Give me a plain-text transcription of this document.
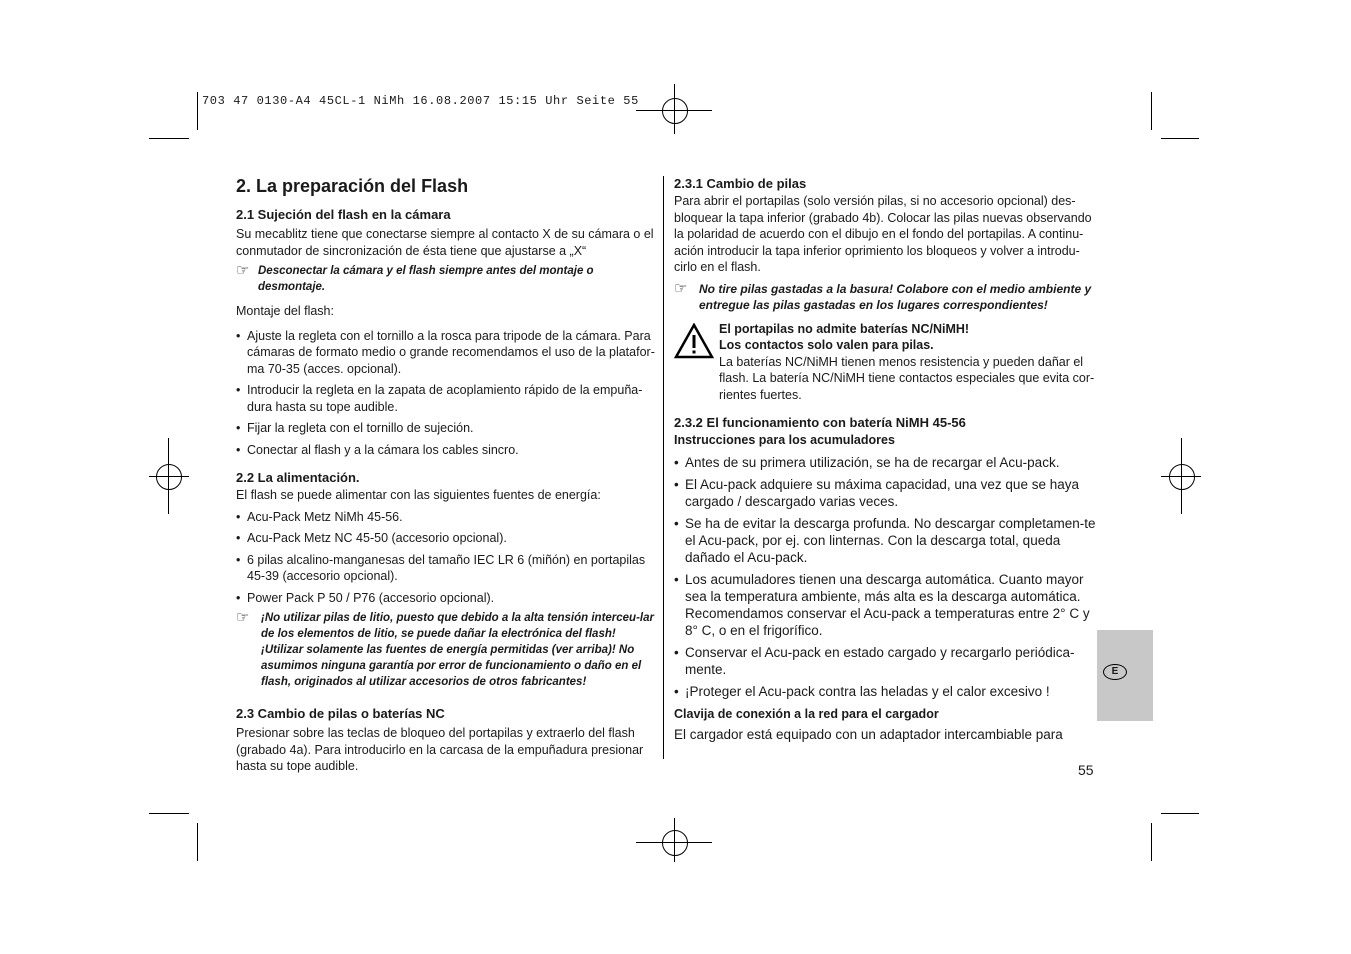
703 47 0130-A4 45CL-1 NiMh 16.08.2007 15:15 Uhr Seite 55
2. La preparación del Flash
2.1 Sujeción del flash en la cámara

Su mecablitz tiene que conectarse siempre al contacto X de su cámara o el conmutador de sincronización de ésta tiene que ajustarse a „X“

☞ Desconectar la cámara y el flash siempre antes del montaje o desmontaje.

Montaje del flash:

• Ajuste la regleta con el tornillo a la rosca para tripode de la cámara. Para cámaras de formato medio o grande recomendamos el uso de la platafor-ma 70-35 (acces. opcional).
• Introducir la regleta en la zapata de acoplamiento rápido de la empuña-dura hasta su tope audible.
• Fijar la regleta con el tornillo de sujeción.
• Conectar al flash y a la cámara los cables sincro.
2.2 La alimentación.

El flash se puede alimentar con las siguientes fuentes de energía:

• Acu-Pack Metz NiMh 45-56.
• Acu-Pack Metz NC 45-50 (accesorio opcional).
• 6 pilas alcalino-manganesas del tamaño IEC LR 6 (miñón) en portapilas 45-39 (accesorio opcional).
• Power Pack P 50 / P76 (accesorio opcional).
☞ ¡No utilizar pilas de litio, puesto que debido a la alta tensión interceu-lar de los elementos de litio, se puede dañar la electrónica del flash! ¡Utilizar solamente las fuentes de energía permitidas (ver arriba)! No asumimos ninguna garantía por error de funcionamiento o daño en el flash, originados al utilizar accesorios de otros fabricantes!
2.3 Cambio de pilas o baterías NC

Presionar sobre las teclas de bloqueo del portapilas y extraerlo del flash (grabado 4a). Para introducirlo en la carcasa de la empuñadura presionar hasta su tope audible.

2.3.1 Cambio de pilas

Para abrir el portapilas (solo versión pilas, si no accesorio opcional) des-bloquear la tapa inferior (grabado 4b). Colocar las pilas nuevas observando la polaridad de acuerdo con el dibujo en el fondo del portapilas. A continu-ación introducir la tapa inferior oprimiento los bloqueos y volver a introdu-cirlo en el flash.

☞ No tire pilas gastadas a la basura! Colabore con el medio ambiente y entregue las pilas gastadas en los lugares correspondientes!

El portapilas no admite baterías NC/NiMH!

Los contactos solo valen para pilas.

La baterías NC/NiMH tienen menos resistencia y pueden dañar el flash. La batería NC/NiMH tiene contactos especiales que evita cor-rientes fuertes.

2.3.2 El funcionamiento con batería NiMH 45-56

Instrucciones para los acumuladores

• Antes de su primera utilización, se ha de recargar el Acu-pack.
• El Acu-pack adquiere su máxima capacidad, una vez que se haya cargado / descargado varias veces.
• Se ha de evitar la descarga profunda. No descargar completamen-te el Acu-pack, por ej. con linternas. Con la descarga total, queda dañado el Acu-pack.
• Los acumuladores tienen una descarga automática. Cuanto mayor sea la temperatura ambiente, más alta es la descarga automática. Recomendamos conservar el Acu-pack a temperaturas entre 2° C y 8° C, o en el frigorífico.
• Conservar el Acu-pack en estado cargado y recargarlo periódica-mente.
• ¡Proteger el Acu-pack contra las heladas y el calor excesivo !

Clavija de conexión a la red para el cargador

El cargador está equipado con un adaptador intercambiable para

E
55
